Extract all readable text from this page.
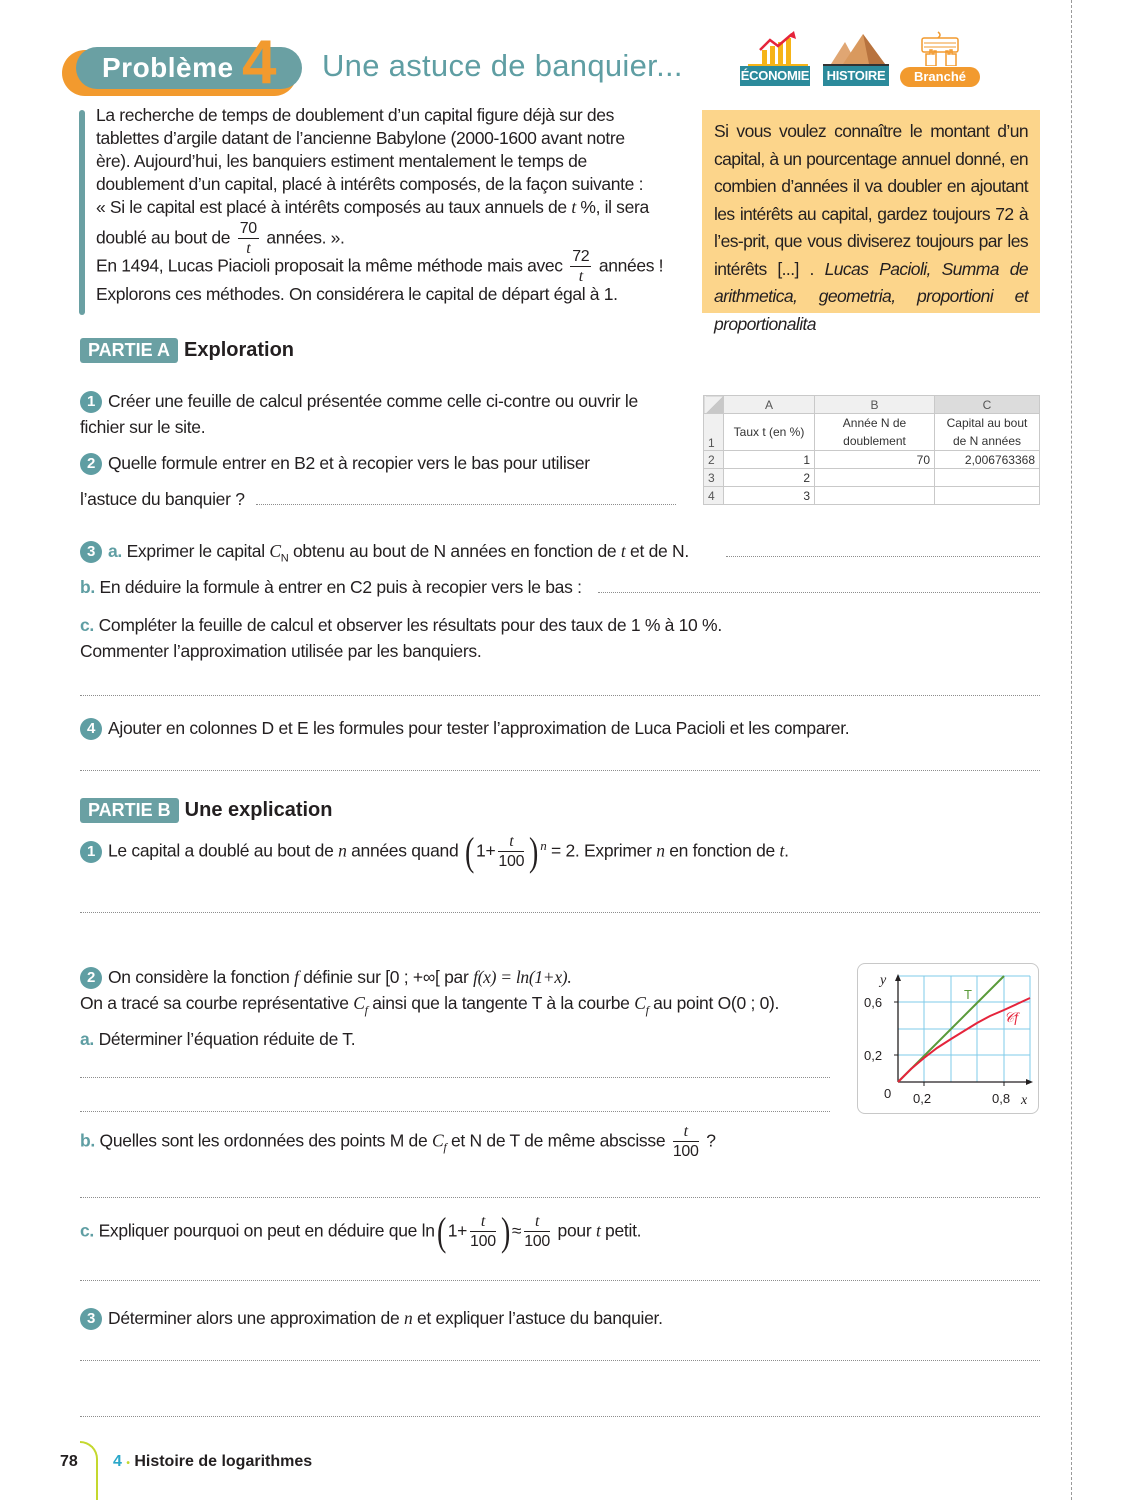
Problème 4 Une astuce de banquier...	ÉCONOMIE HISTOIRE	Branché
La recherche de temps de doublement d’un capital figure déjà sur des
tablettes d’argile datant de l’ancienne Babylone (2000-1600 avant notre
ère). Aujourd’hui, les banquiers estiment mentalement le temps de
doublement d’un capital, placé à intérêts composés, de la façon suivante :
« Si le capital est placé à intérêts composés au taux annuels de t %, il sera
doublé au bout de $\frac{70}{t}$ années. ».
En 1494, Lucas Piacioli proposait la même méthode mais avec $\frac{72}{t}$ années !
Explorons ces méthodes. On considérera le capital de départ égal à 1.
Si vous voulez connaître le montant d’un capital, à un pourcentage annuel donné, en combien d’années il va doubler en ajoutant les intérêts au capital, gardez toujours 72 à l’es-prit, que vous diviserez toujours par les intérêts [...] . Lucas Pacioli, Summa de arithmetica, geometria, proportioni et proportionalita
PARTIE A Exploration
1 Créer une feuille de calcul présentée comme celle ci-contre ou ouvrir le fichier sur le site.
2 Quelle formule entrer en B2 et à recopier vers le bas pour utiliser
l’astuce du banquier ?
	A	B	C
1	Taux t (en %)	Année N de doublement	Capital au bout de N années
2	1	70	2,006763368
3	2		
4	3		
3 a. Exprimer le capital $C_N$ obtenu au bout de N années en fonction de t et de N.
b. En déduire la formule à entrer en C2 puis à recopier vers le bas :
c. Compléter la feuille de calcul et observer les résultats pour des taux de 1 % à 10 %.
Commenter l’approximation utilisée par les banquiers.
4 Ajouter en colonnes D et E les formules pour tester l’approximation de Luca Pacioli et les comparer.
PARTIE B Une explication
1 Le capital a doublé au bout de n années quand ( $1+ \frac{t}{100}$ ) $^n$ = 2. Exprimer n en fonction de t.
2 On considère la fonction f définie sur [0 ; +∞[ par f(x) = ln(1+x).
On a tracé sa courbe représentative $C_f$ ainsi que la tangente T à la courbe $C_f$ au point O(0 ; 0).
a. Déterminer l’équation réduite de T.
y
x
0,6
0,2
0 0,2	0,8
T
𝒞f
b. Quelles sont les ordonnées des points M de $C_f$ et N de T de même abscisse $\frac{t}{100}$ ?
c. Expliquer pourquoi on peut en déduire que ln( $1+ \frac{t}{100}$ ) ≈ $\frac{t}{100}$ pour t petit.
3 Déterminer alors une approximation de n et expliquer l’astuce du banquier.
78 4 • Histoire de logarithmes
